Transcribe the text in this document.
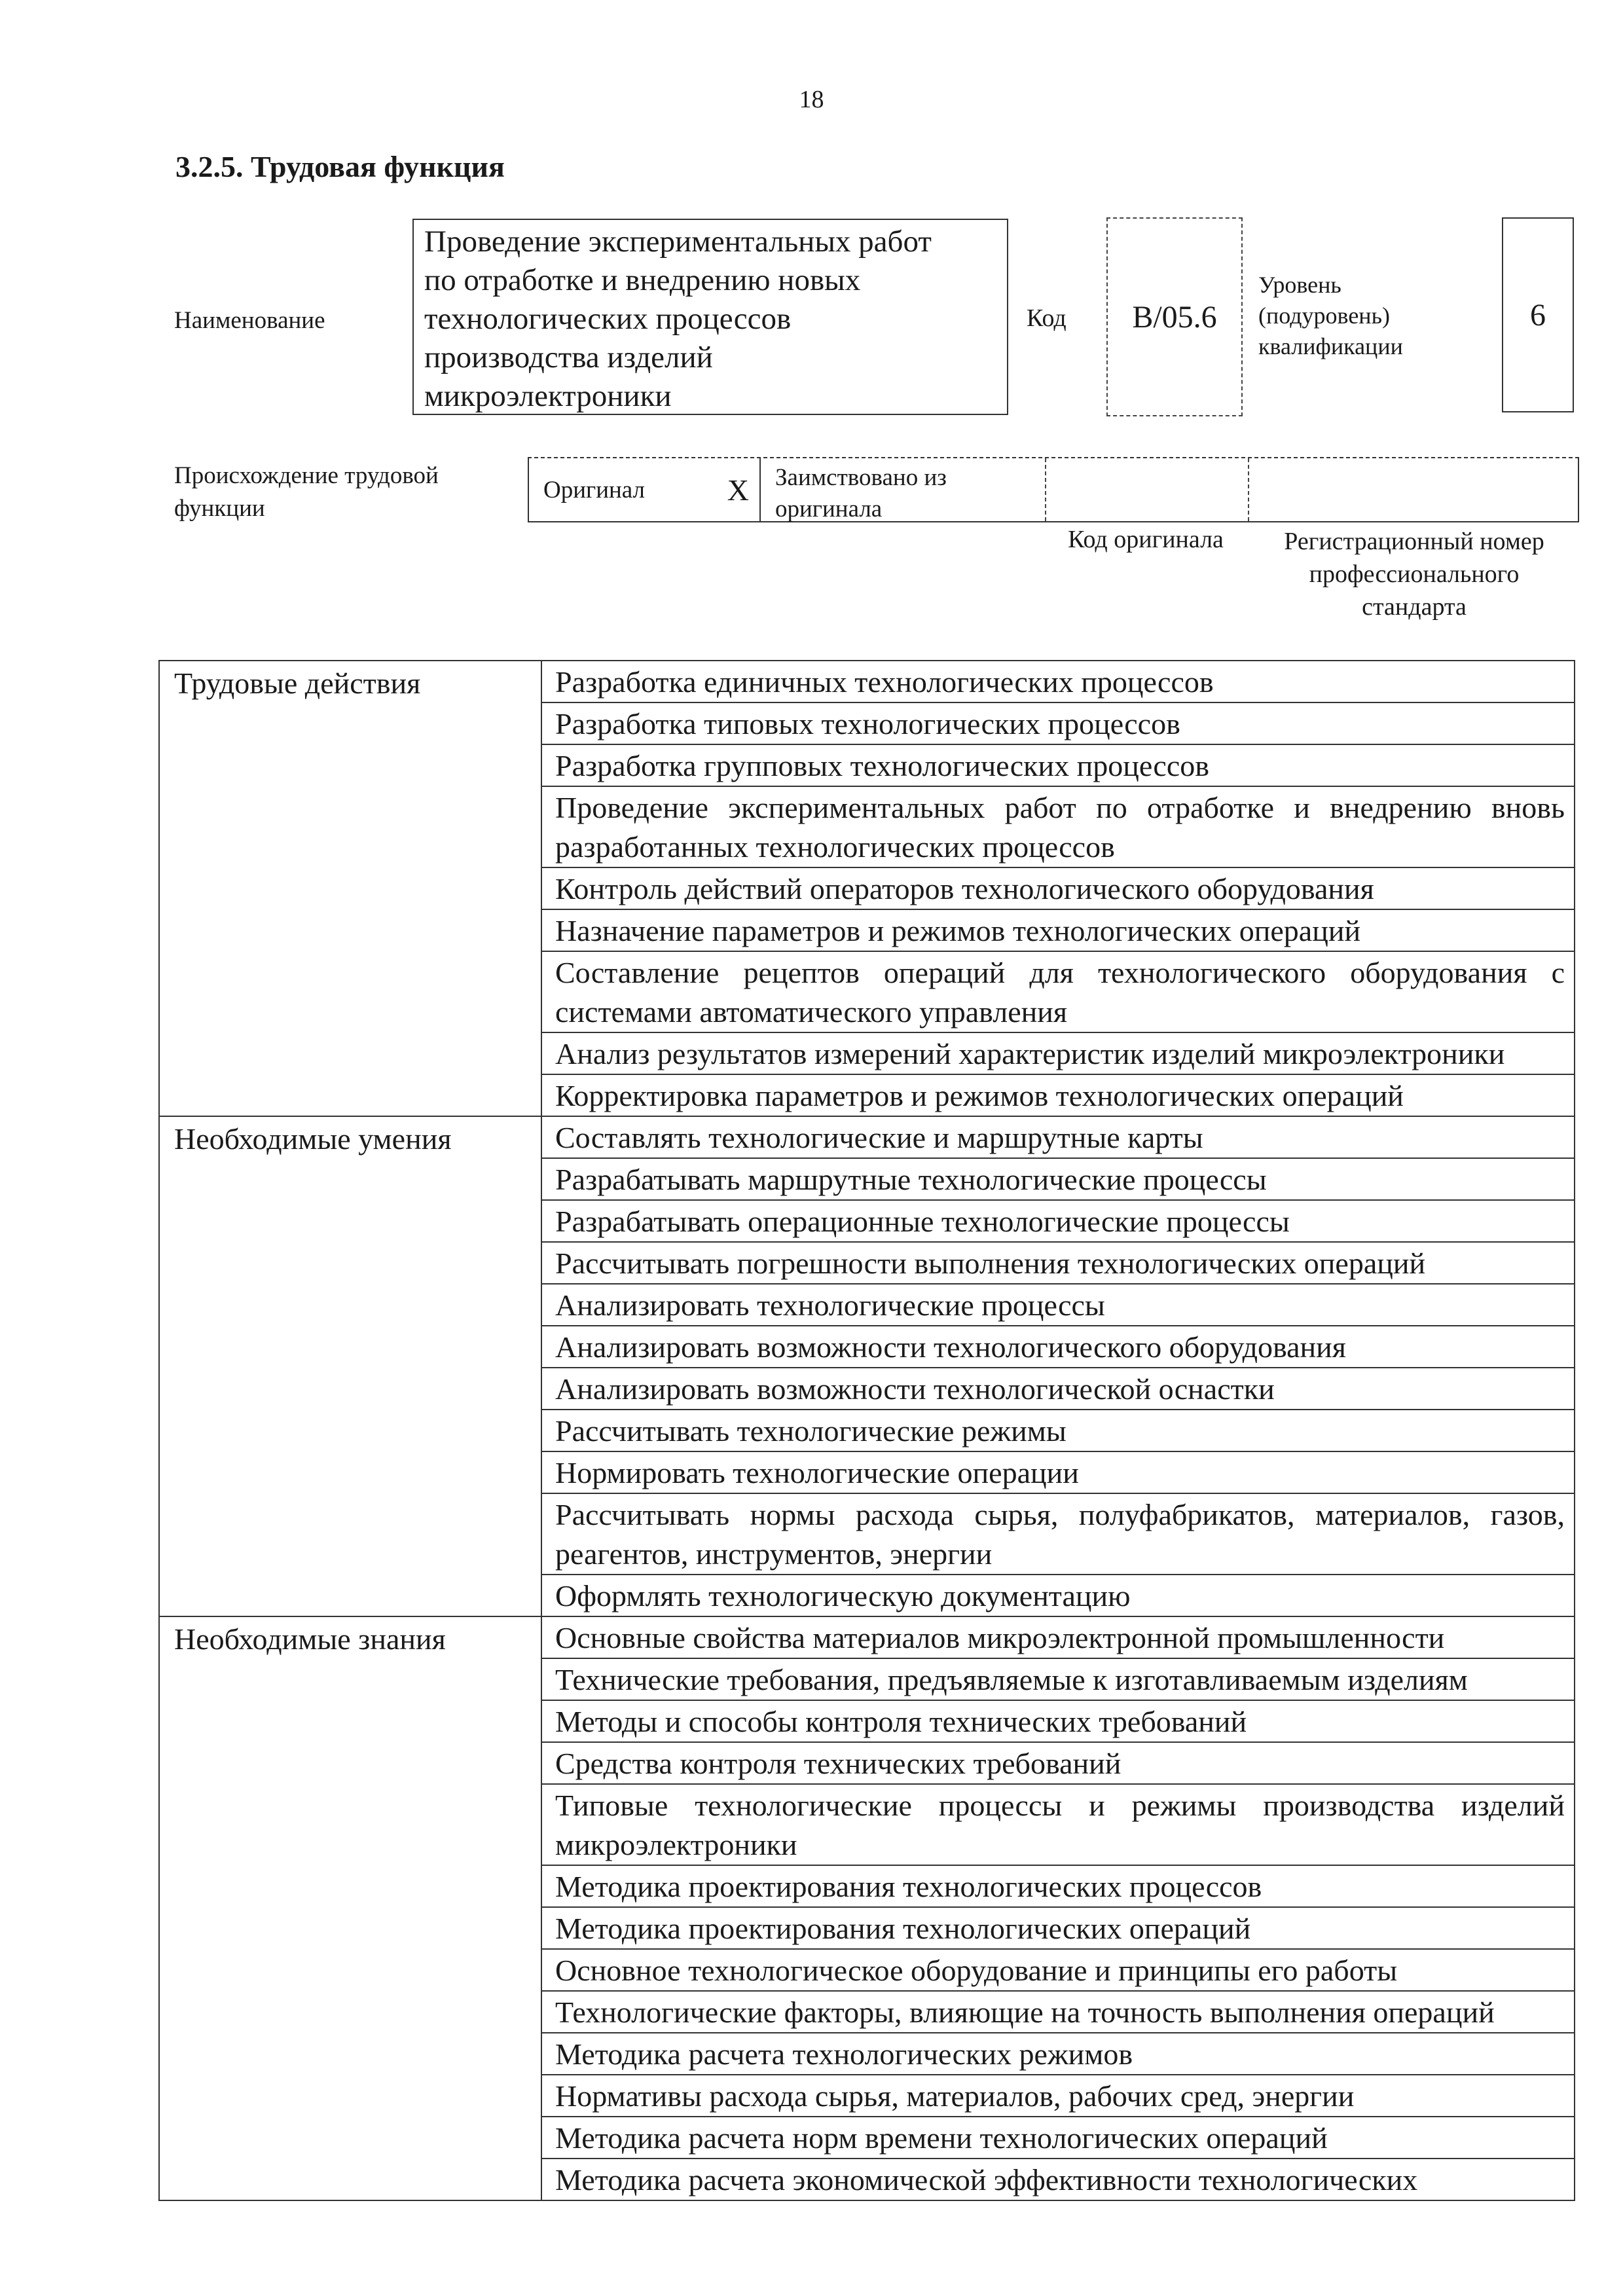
18
3.2.5. Трудовая функция
Наименование
Проведение экспериментальных работ
по отработке и внедрению новых
технологических процессов
производства изделий
микроэлектроники
Код	B/05.6
Уровень
(подуровень)
квалификации
6
Происхождение трудовой
функции
Оригинал	X	Заимствовано из
оригинала
Код оригинала	Регистрационный номер
профессионального
стандарта
Трудовые действия	Разработка единичных технологических процессов
	Разработка типовых технологических процессов
	Разработка групповых технологических процессов
	Проведение экспериментальных работ по отработке и внедрению вновь разработанных технологических процессов
	Контроль действий операторов технологического оборудования
	Назначение параметров и режимов технологических операций
	Составление рецептов операций для технологического оборудования с системами автоматического управления
	Анализ результатов измерений характеристик изделий микроэлектроники
	Корректировка параметров и режимов технологических операций
Необходимые умения	Составлять технологические и маршрутные карты
	Разрабатывать маршрутные технологические процессы
	Разрабатывать операционные технологические процессы
	Рассчитывать погрешности выполнения технологических операций
	Анализировать технологические процессы
	Анализировать возможности технологического оборудования
	Анализировать возможности технологической оснастки
	Рассчитывать технологические режимы
	Нормировать технологические операции
	Рассчитывать нормы расхода сырья, полуфабрикатов, материалов, газов, реагентов, инструментов, энергии
	Оформлять технологическую документацию
Необходимые знания	Основные свойства материалов микроэлектронной промышленности
	Технические требования, предъявляемые к изготавливаемым изделиям
	Методы и способы контроля технических требований
	Средства контроля технических требований
	Типовые технологические процессы и режимы производства изделий микроэлектроники
	Методика проектирования технологических процессов
	Методика проектирования технологических операций
	Основное технологическое оборудование и принципы его работы
	Технологические факторы, влияющие на точность выполнения операций
	Методика расчета технологических режимов
	Нормативы расхода сырья, материалов, рабочих сред, энергии
	Методика расчета норм времени технологических операций
	Методика расчета экономической эффективности технологических
